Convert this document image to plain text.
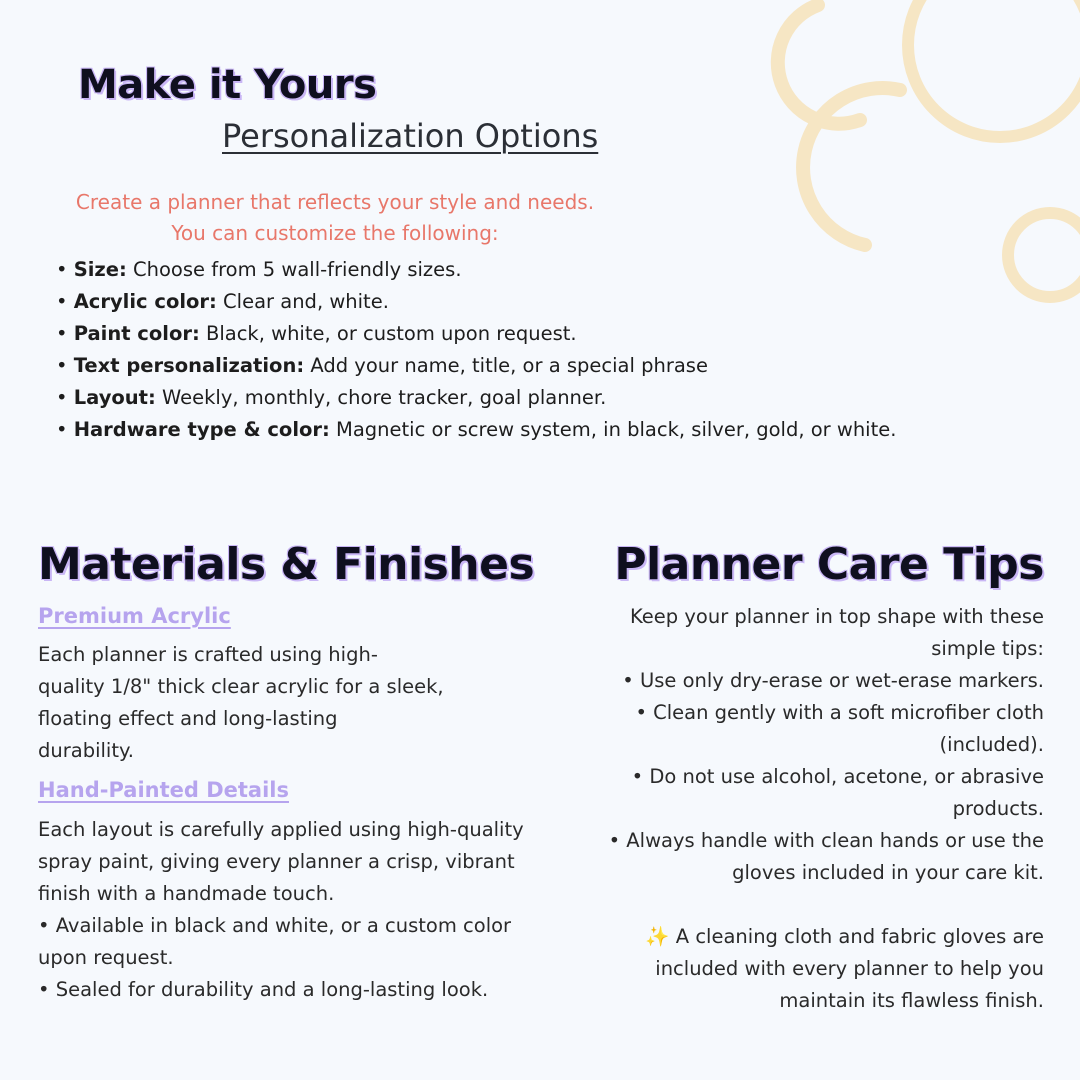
Make it Yours
Personalization Options

Create a planner that reflects your style and needs.

You can customize the following:

• Size: Choose from 5 wall-friendly sizes.
• Acrylic color: Clear and, white.
• Paint color: Black, white, or custom upon request.
• Text personalization: Add your name, title, or a special phrase
• Layout: Weekly, monthly, chore tracker, goal planner.
• Hardware type & color: Magnetic or screw system, in black, silver, gold, or white.
Materials & Finishes Planner Care Tips
Premium Acrylic

Each planner is crafted using high-
quality 1/8" thick clear acrylic for a sleek,
floating effect and long-lasting
durability.

Hand-Painted Details

Each layout is carefully applied using high-quality
spray paint, giving every planner a crisp, vibrant
finish with a handmade touch.
• Available in black and white, or a custom color
upon request.
• Sealed for durability and a long-lasting look.

Keep your planner in top shape with these
simple tips:
• Use only dry-erase or wet-erase markers.
• Clean gently with a soft microfiber cloth
(included).
• Do not use alcohol, acetone, or abrasive
products.
• Always handle with clean hands or use the
gloves included in your care kit.

✨ A cleaning cloth and fabric gloves are
included with every planner to help you
maintain its flawless finish.
